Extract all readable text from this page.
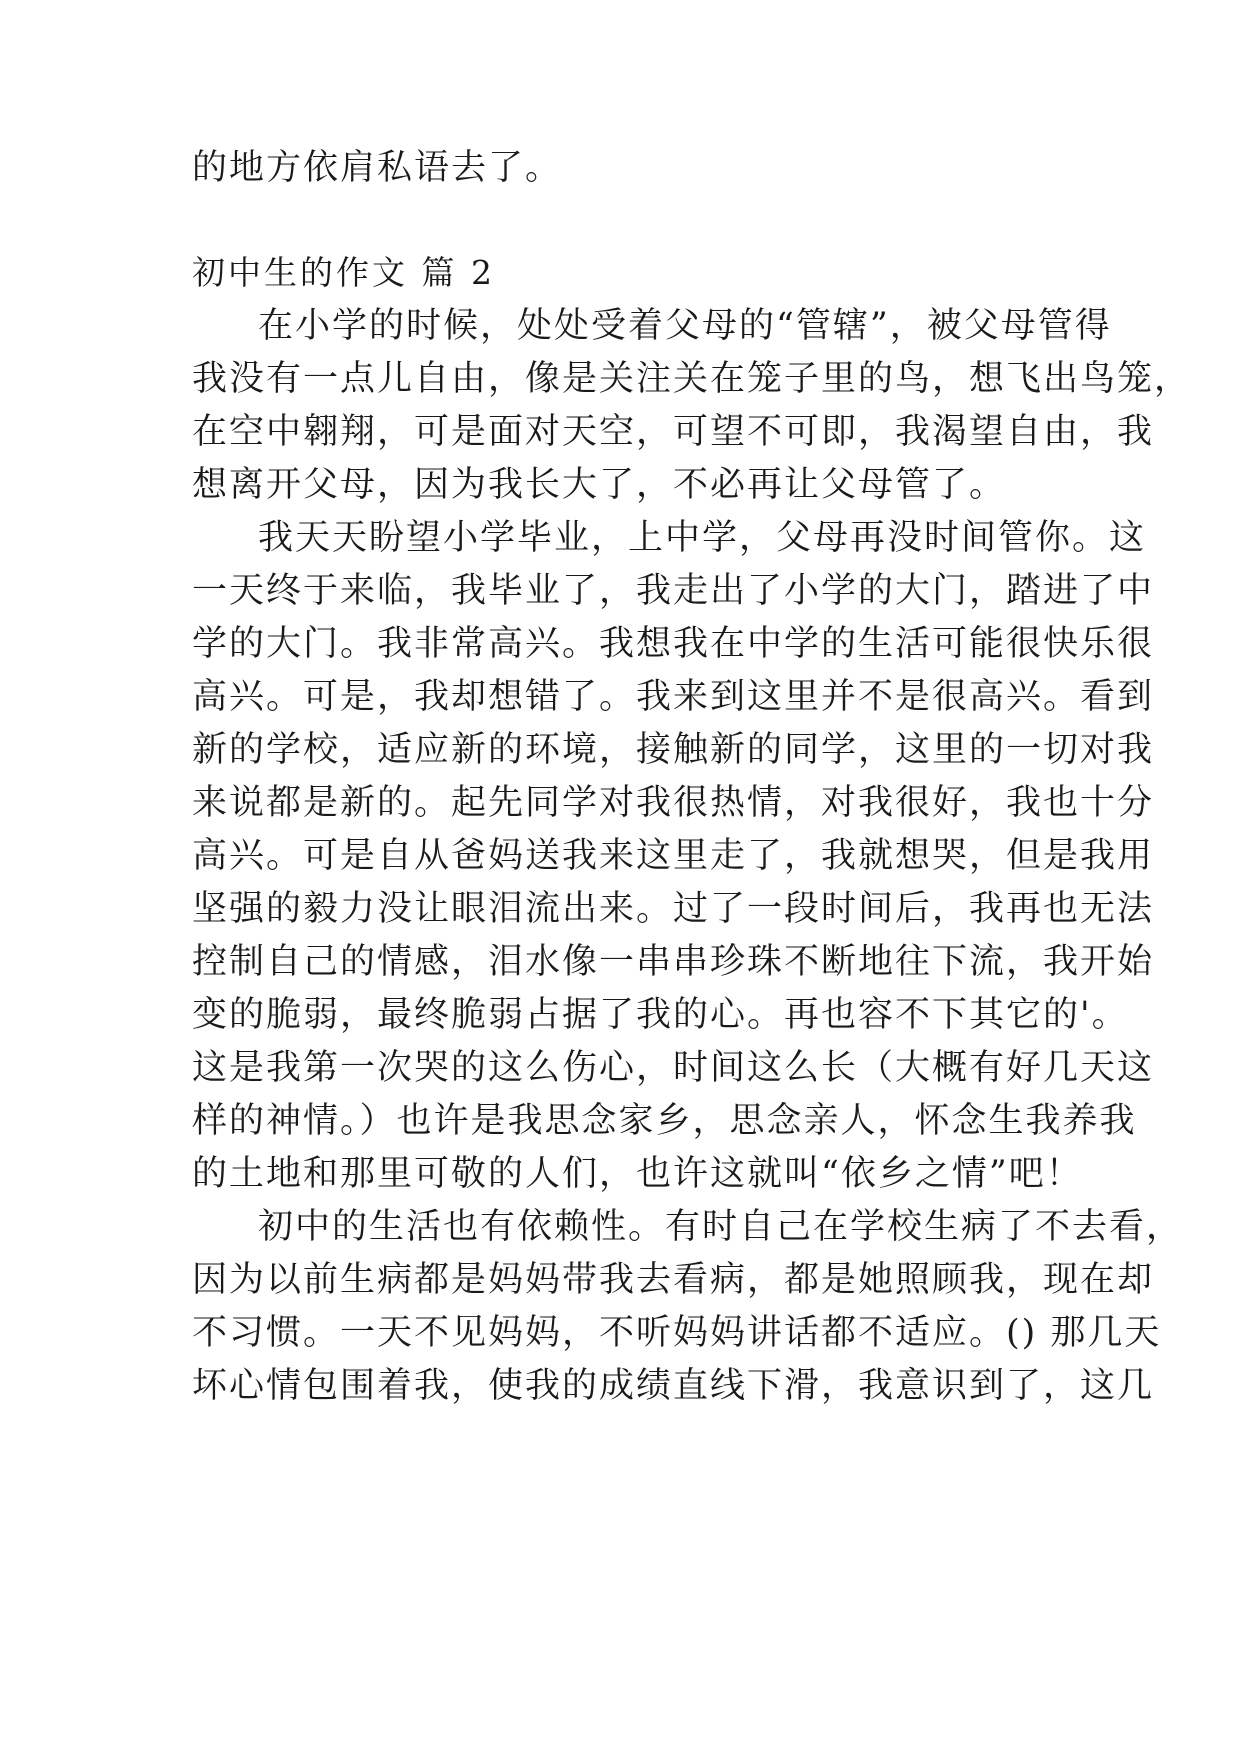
的地方依肩私语去了。
初中生的作文 篇 2
在小学的时候，处处受着父母的“管辖”，被父母管得
我没有一点儿自由，像是关注关在笼子里的鸟，想飞出鸟笼，
在空中翱翔，可是面对天空，可望不可即，我渴望自由，我
想离开父母，因为我长大了，不必再让父母管了。
我天天盼望小学毕业，上中学，父母再没时间管你。这
一天终于来临，我毕业了，我走出了小学的大门，踏进了中
学的大门。我非常高兴。我想我在中学的生活可能很快乐很
高兴。可是，我却想错了。我来到这里并不是很高兴。看到
新的学校，适应新的环境，接触新的同学，这里的一切对我
来说都是新的。起先同学对我很热情，对我很好，我也十分
高兴。可是自从爸妈送我来这里走了，我就想哭，但是我用
坚强的毅力没让眼泪流出来。过了一段时间后，我再也无法
控制自己的情感，泪水像一串串珍珠不断地往下流，我开始
变的脆弱，最终脆弱占据了我的心。再也容不下其它的'。
这是我第一次哭的这么伤心，时间这么长（大概有好几天这
样的神情。）也许是我思念家乡，思念亲人，怀念生我养我
的土地和那里可敬的人们，也许这就叫“依乡之情”吧！
初中的生活也有依赖性。有时自己在学校生病了不去看，
因为以前生病都是妈妈带我去看病，都是她照顾我，现在却
不习惯。一天不见妈妈，不听妈妈讲话都不适应。() 那几天
坏心情包围着我，使我的成绩直线下滑，我意识到了，这几
